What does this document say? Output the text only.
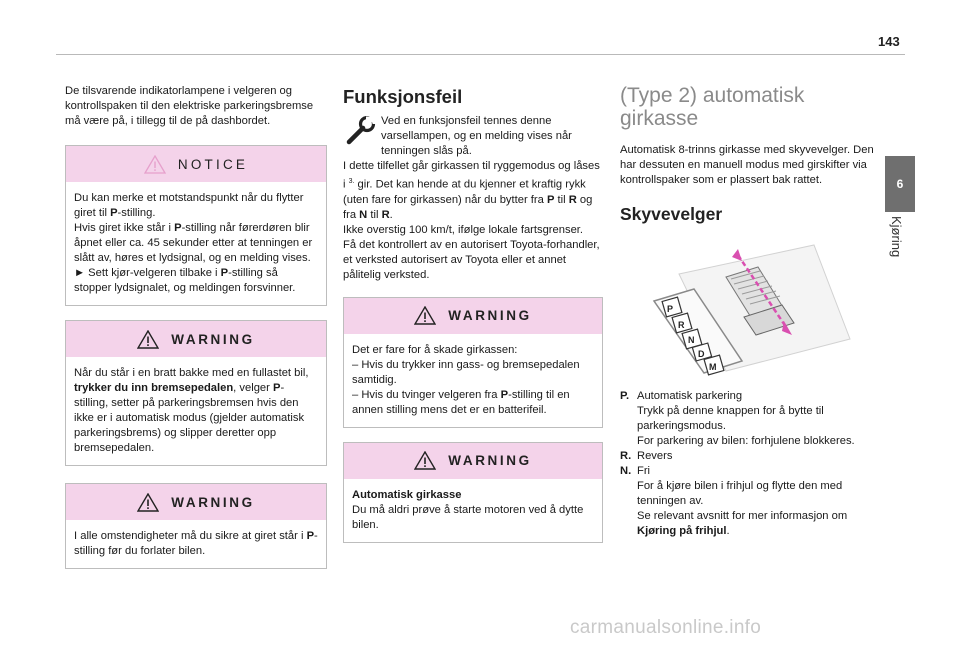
143
6
Kjøring

De tilsvarende indikatorlampene i velgeren og kontrollspaken til den elektriske parkeringsbremse må være på, i tillegg til de på dashbordet.

NOTICE

Du kan merke et motstandspunkt når du flytter giret til P-stilling.

Hvis giret ikke står i P-stilling når førerdøren blir åpnet eller ca. 45 sekunder etter at tenningen er slått av, høres et lydsignal, og en melding vises.

► Sett kjør-velgeren tilbake i P-stilling så stopper lydsignalet, og meldingen forsvinner.

WARNING

Når du står i en bratt bakke med en fullastet bil, trykker du inn bremsepedalen, velger P-stilling, setter på parkeringsbremsen hvis den ikke er i automatisk modus (gjelder automatisk parkeringsbrems) og slipper deretter opp bremsepedalen.

WARNING

I alle omstendigheter må du sikre at giret står i P-stilling før du forlater bilen.

Funksjonsfeil

Ved en funksjonsfeil tennes denne varsellampen, og en melding vises når tenningen slås på.

I dette tilfellet går girkassen til ryggemodus og låses i $^{3.}$ gir. Det kan hende at du kjenner et kraftig rykk (uten fare for girkassen) når du bytter fra P til R og fra N til R.

Ikke overstig 100 km/t, ifølge lokale fartsgrenser.

Få det kontrollert av en autorisert Toyota-forhandler, et verksted autorisert av Toyota eller et annet pålitelig verksted.

WARNING

Det er fare for å skade girkassen:

– Hvis du trykker inn gass- og bremsepedalen samtidig.

– Hvis du tvinger velgeren fra P-stilling til en annen stilling mens det er en batterifeil.

WARNING

Automatisk girkasse

Du må aldri prøve å starte motoren ved å dytte bilen.

(Type 2) automatisk
girkasse

Automatisk 8-trinns girkasse med skyvevelger. Den har dessuten en manuell modus med girskifter via kontrollspaker som er plassert bak rattet.

Skyvevelger
P
R
N
D
M
P. Automatisk parkering

Trykk på denne knappen for å bytte til parkeringsmodus.

For parkering av bilen: forhjulene blokkeres.

R. Revers

N. Fri

For å kjøre bilen i frihjul og flytte den med tenningen av.

Se relevant avsnitt for mer informasjon om

Kjøring på frihjul.

carmanualsonline.info
